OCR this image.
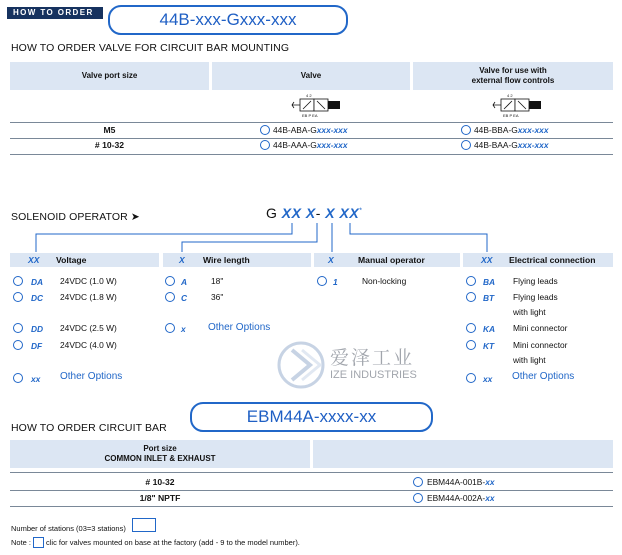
HOW TO ORDER	44B-xxx-Gxxx-xxx
HOW TO ORDER VALVE FOR CIRCUIT BAR MOUNTING
Valve port size	Valve
Valve for use with
external flow controls
4 2
EB P EA
4 2
EB P EA
M5	44B-ABA-Gxxx-xxx	44B-BBA-Gxxx-xxx
# 10-32	44B-AAA-Gxxx-xxx	44B-BAA-Gxxx-xxx
SOLENOID OPERATOR ➤	G XX X- X XX*
XX	Voltage	X	Wire length	X	Manual operator	XX	Electrical connection
DA 24VDC (1.0 W)
DC 24VDC (1.8 W)
DD 24VDC (2.5 W)
DF 24VDC (4.0 W)
xx Other Options
A	18"
C	36"
x Other Options
1	Non-locking	BA Flying leads
BT Flying leads
with light
KA Mini connector
KT Mini connector
with light
xx Other Options
爱泽工业
IZE INDUSTRIES
EBM44A-xxxx-xx
HOW TO ORDER CIRCUIT BAR
Port size
COMMON INLET & EXHAUST
# 10-32	EBM44A-001B-xx
1/8" NPTF	EBM44A-002A-xx
Number of stations (03=3 stations)
Note : clic for valves mounted on base at the factory (add - 9 to the model number).
